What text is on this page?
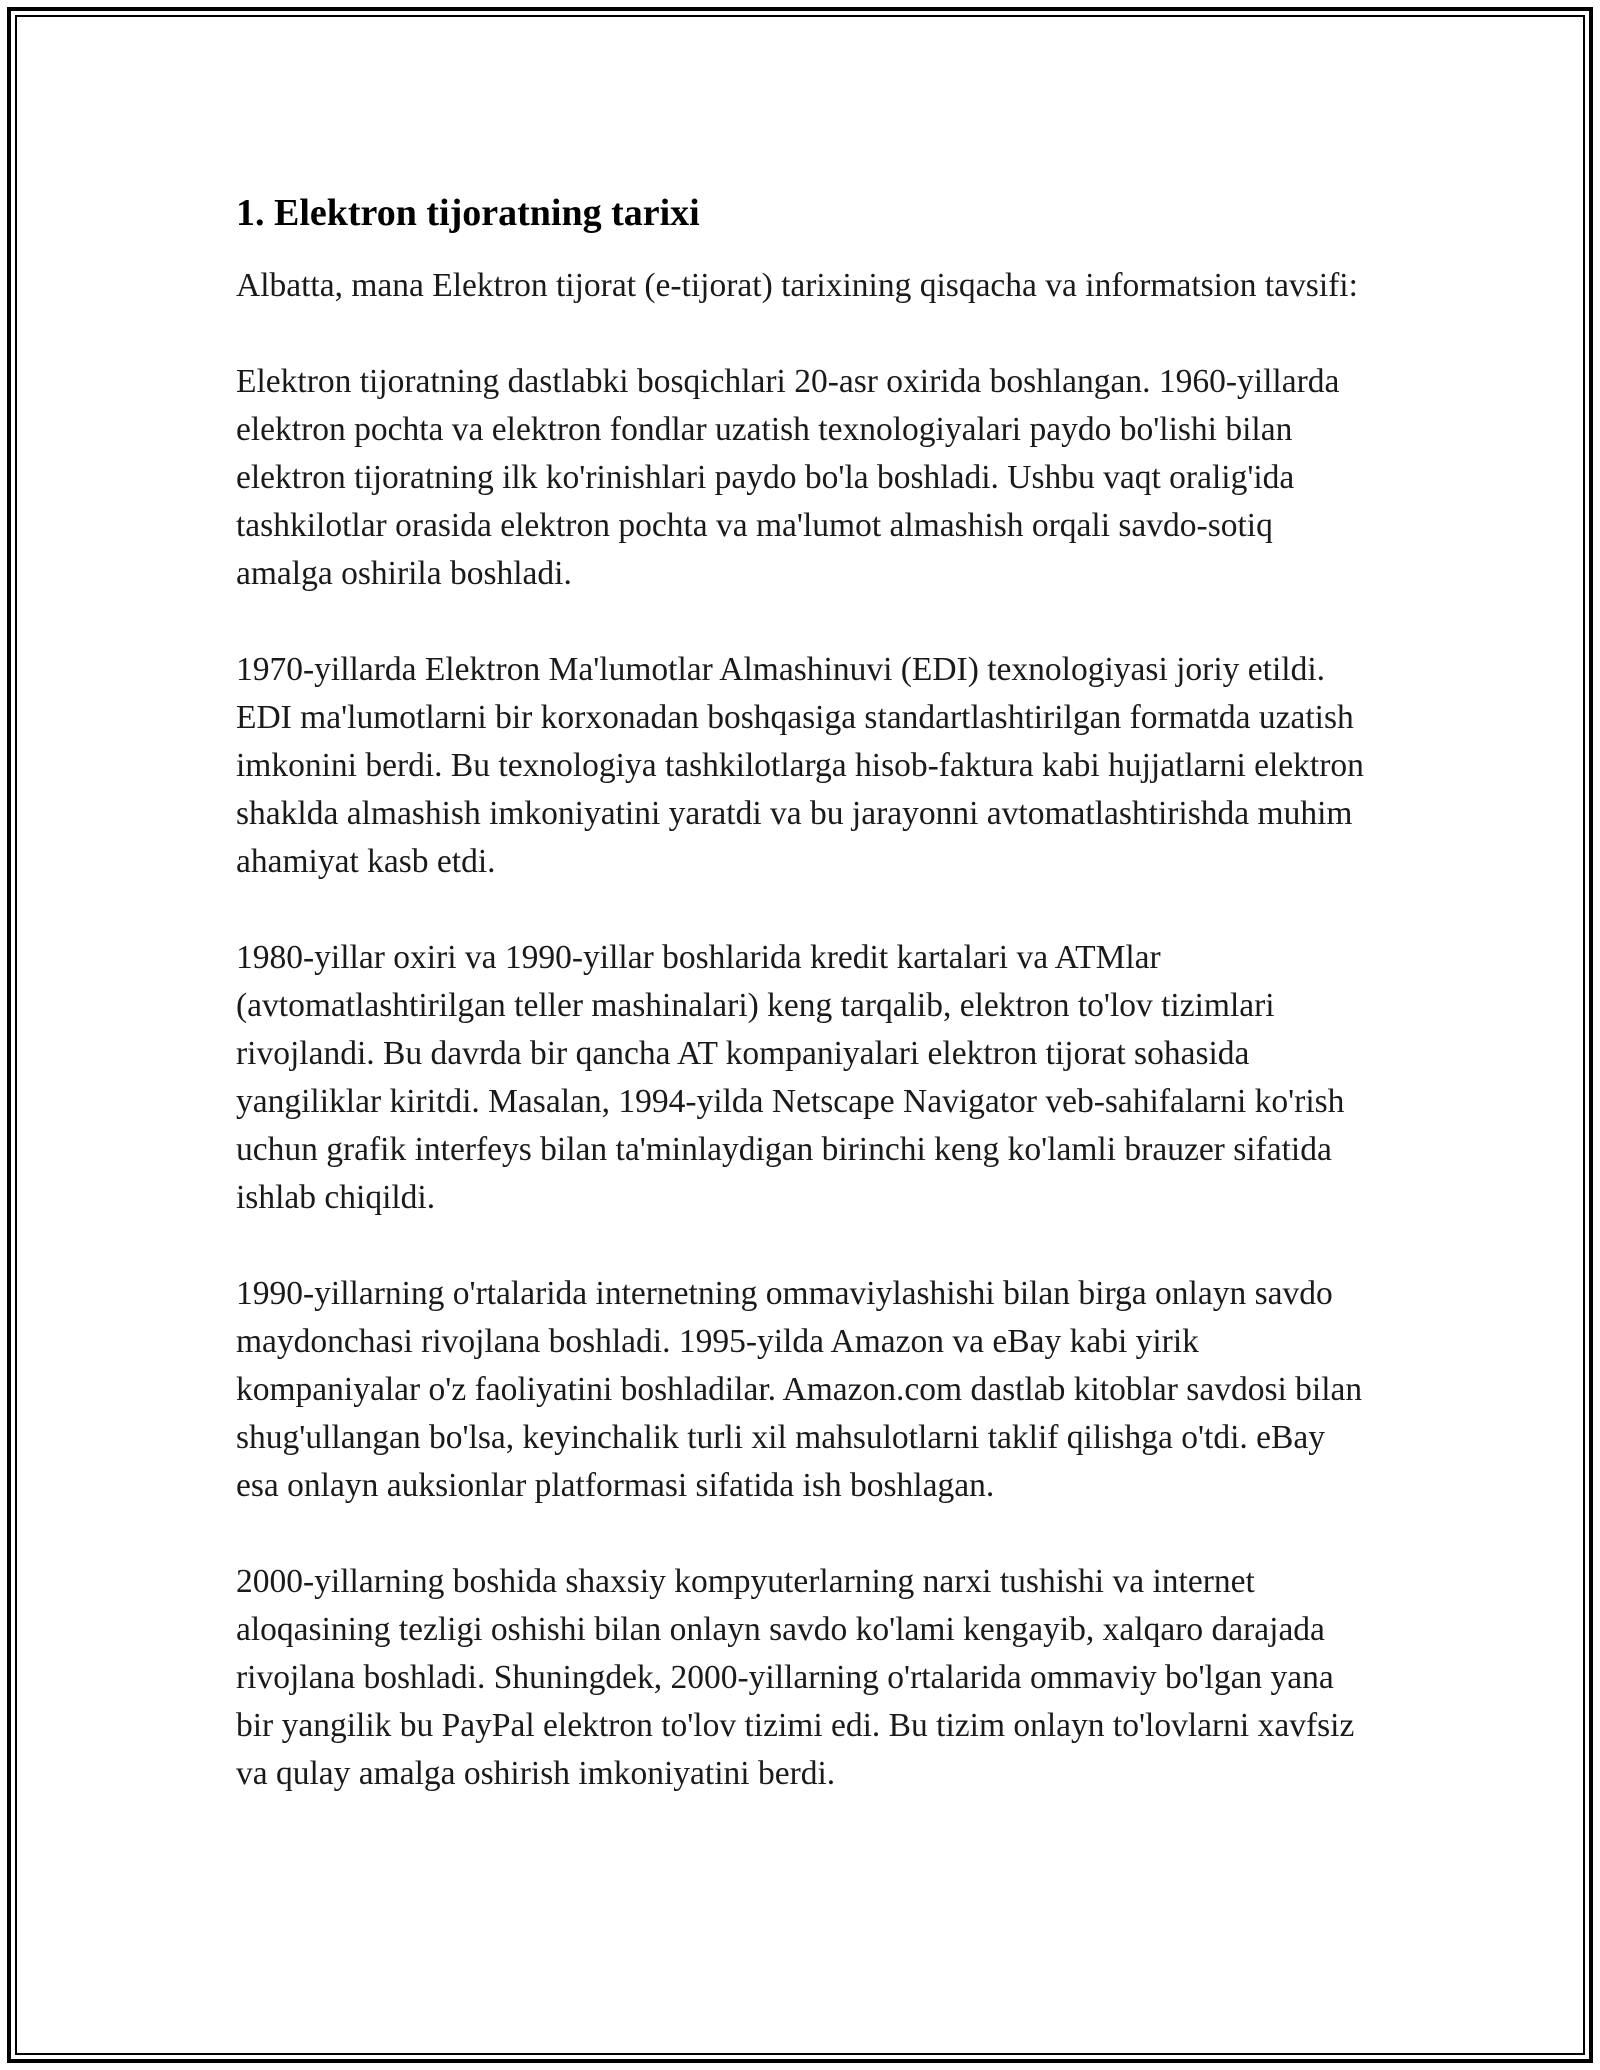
1. Elektron tijoratning tarixi

Albatta, mana Elektron tijorat (e-tijorat) tarixining qisqacha va informatsion tavsifi:

Elektron tijoratning dastlabki bosqichlari 20-asr oxirida boshlangan. 1960-yillarda elektron pochta va elektron fondlar uzatish texnologiyalari paydo bo'lishi bilan elektron tijoratning ilk ko'rinishlari paydo bo'la boshladi. Ushbu vaqt oralig'ida tashkilotlar orasida elektron pochta va ma'lumot almashish orqali savdo-sotiq amalga oshirila boshladi.

1970-yillarda Elektron Ma'lumotlar Almashinuvi (EDI) texnologiyasi joriy etildi. EDI ma'lumotlarni bir korxonadan boshqasiga standartlashtirilgan formatda uzatish imkonini berdi. Bu texnologiya tashkilotlarga hisob-faktura kabi hujjatlarni elektron shaklda almashish imkoniyatini yaratdi va bu jarayonni avtomatlashtirishda muhim ahamiyat kasb etdi.

1980-yillar oxiri va 1990-yillar boshlarida kredit kartalari va ATMlar (avtomatlashtirilgan teller mashinalari) keng tarqalib, elektron to'lov tizimlari rivojlandi. Bu davrda bir qancha AT kompaniyalari elektron tijorat sohasida yangiliklar kiritdi. Masalan, 1994-yilda Netscape Navigator veb-sahifalarni ko'rish uchun grafik interfeys bilan ta'minlaydigan birinchi keng ko'lamli brauzer sifatida ishlab chiqildi.

1990-yillarning o'rtalarida internetning ommaviylashishi bilan birga onlayn savdo maydonchasi rivojlana boshladi. 1995-yilda Amazon va eBay kabi yirik kompaniyalar o'z faoliyatini boshladilar. Amazon.com dastlab kitoblar savdosi bilan shug'ullangan bo'lsa, keyinchalik turli xil mahsulotlarni taklif qilishga o'tdi. eBay esa onlayn auksionlar platformasi sifatida ish boshlagan.

2000-yillarning boshida shaxsiy kompyuterlarning narxi tushishi va internet aloqasining tezligi oshishi bilan onlayn savdo ko'lami kengayib, xalqaro darajada rivojlana boshladi. Shuningdek, 2000-yillarning o'rtalarida ommaviy bo'lgan yana bir yangilik bu PayPal elektron to'lov tizimi edi. Bu tizim onlayn to'lovlarni xavfsiz va qulay amalga oshirish imkoniyatini berdi.
